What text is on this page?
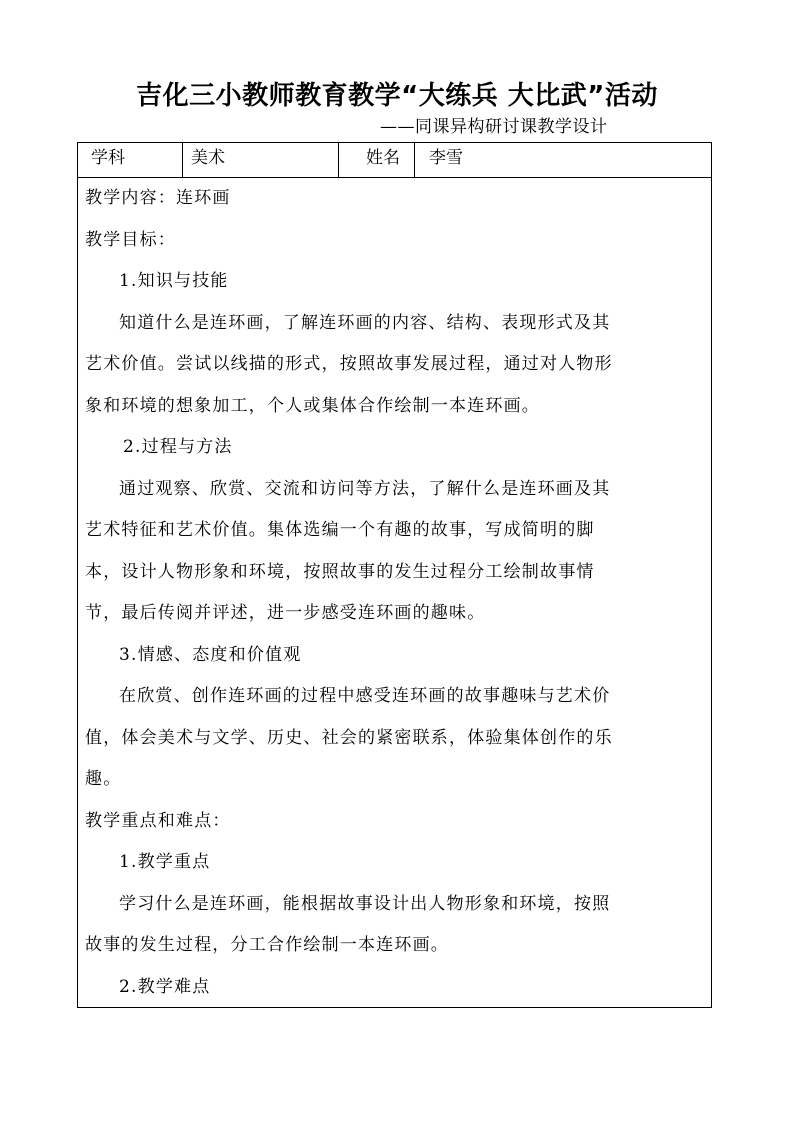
吉化三小教师教育教学“大练兵 大比武”活动
——同课异构研讨课教学设计
学科	美术	姓名	李雪

教学内容：连环画

教学目标：

1.知识与技能

知道什么是连环画，了解连环画的内容、结构、表现形式及其

艺术价值。尝试以线描的形式，按照故事发展过程，通过对人物形

象和环境的想象加工，个人或集体合作绘制一本连环画。

2.过程与方法

通过观察、欣赏、交流和访问等方法，了解什么是连环画及其

艺术特征和艺术价值。集体选编一个有趣的故事，写成简明的脚

本，设计人物形象和环境，按照故事的发生过程分工绘制故事情

节，最后传阅并评述，进一步感受连环画的趣味。

3.情感、态度和价值观

在欣赏、创作连环画的过程中感受连环画的故事趣味与艺术价

值，体会美术与文学、历史、社会的紧密联系，体验集体创作的乐

趣。

教学重点和难点：

1.教学重点

学习什么是连环画，能根据故事设计出人物形象和环境，按照

故事的发生过程，分工合作绘制一本连环画。

2.教学难点
